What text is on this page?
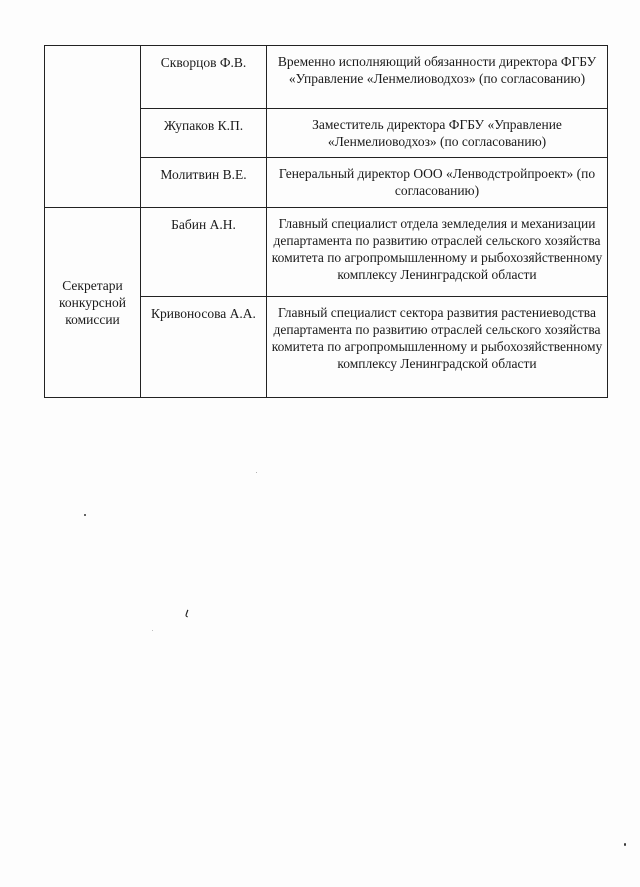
	Скворцов Ф.В.	Временно исполняющий обязанности директора ФГБУ «Управление «Ленмелиоводхоз» (по согласованию)

	Жупаков К.П.	Заместитель директора ФГБУ «Управление «Ленмелиоводхоз» (по согласованию)

	Молитвин В.Е.	Генеральный директор ООО «Ленводстройпроект» (по согласованию)

Секретари конкурсной комиссии	Бабин А.Н.	Главный специалист отдела земледелия и механизации департамента по развитию отраслей сельского хозяйства комитета по агропромышленному и рыбохозяйственному комплексу Ленинградской области

	Кривоносова А.А.	Главный специалист сектора развития растениеводства департамента по развитию отраслей сельского хозяйства комитета по агропромышленному и рыбохозяйственному комплексу Ленинградской области
ι
